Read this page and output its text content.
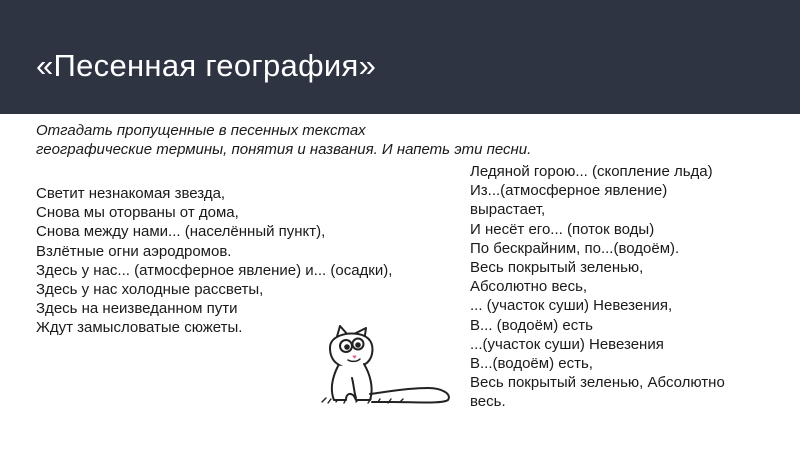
«Песенная география»
Отгадать пропущенные в песенных текстах
географические термины, понятия и названия. И напеть эти песни.
Светит незнакомая звезда,
Снова мы оторваны от дома,
Снова между нами... (населённый пункт),
Взлётные огни аэродромов.
Здесь у нас... (атмосферное явление) и... (осадки),
Здесь у нас холодные рассветы,
Здесь на неизведанном пути
Ждут замысловатые сюжеты.
Ледяной горою... (скопление льда)
Из...(атмосферное явление)
вырастает,
И несёт его... (поток воды)
По бескрайним, по...(водоём).
Весь покрытый зеленью,
Абсолютно весь,
... (участок суши) Невезения,
В... (водоём) есть
...(участок суши) Невезения
В...(водоём) есть,
Весь покрытый зеленью, Абсолютно
весь.
